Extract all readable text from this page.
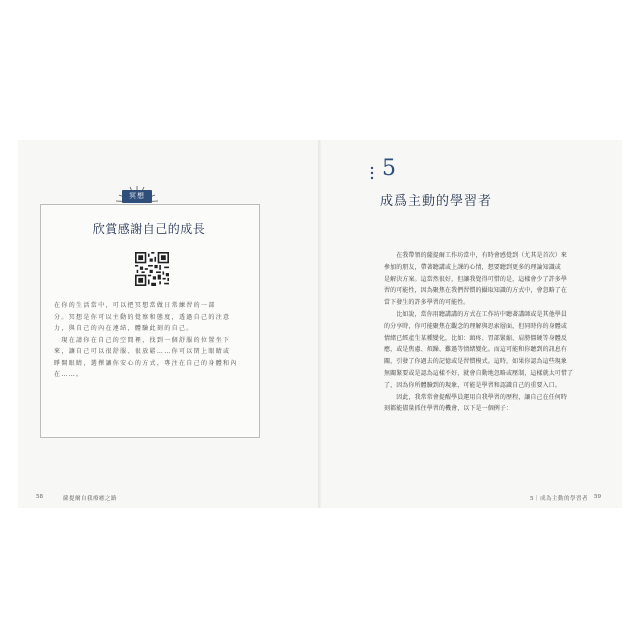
冥想
欣賞感謝自己的成長

在你的生活當中，可以把冥想當做日常練習的一部

分。冥想是你可以主動的覺察和態度，透過自己的注意

力，與自己的內在連結，體驗此刻的自己。

　現在請你在自己的空間裡，找到一個舒服的位置坐下

來，讓自己可以很舒服、很放鬆……你可以閉上眼睛或

睜開眼睛，選擇讓你安心的方式，專注在自己的身體和內

在……。

58	薩提爾自我療癒之路
5
成爲主動的學習者

　　在我帶領的薩提爾工作坊當中，有時會感覺到（尤其是首次）來

參加的朋友，帶著聽講或上課的心情，想要聽到更多的理論知識或

是解決方案。這當然很好，但讓我覺得可惜的是，這樣會少了許多學

習的可能性，因為聚焦在我們習慣的攝取知識的方式中，會忽略了在

當下發生的許多學習的可能性。

　　比如說，當你用聽講講的方式在工作坊中聽著講師或是其他學員

的分享時，你可能聚焦在觀念的理解與思索層面，但同時你的身體或

情緒已經產生某種變化，比如：頭疼、胃部緊縮、肩膀僵硬等身體反

應，或是焦慮、煩躁、難過等情緒變化。而這可能和你聽到的訊息有

關，引發了你過去的記憶或是習慣模式。這時，如果你認為這些現象

無關緊要或是認為這樣不好，就會自動地忽略或壓制，這樣就太可惜了

了，因為你所體驗到的現象，可能是學習和認識自己的重要入口。

　　因此，我常常會提醒學員運用自我學習的歷程，讓自己在任何時

刻都能儘量抓住學習的機會，以下是一個例子：

5｜成為主動的學習者 59
